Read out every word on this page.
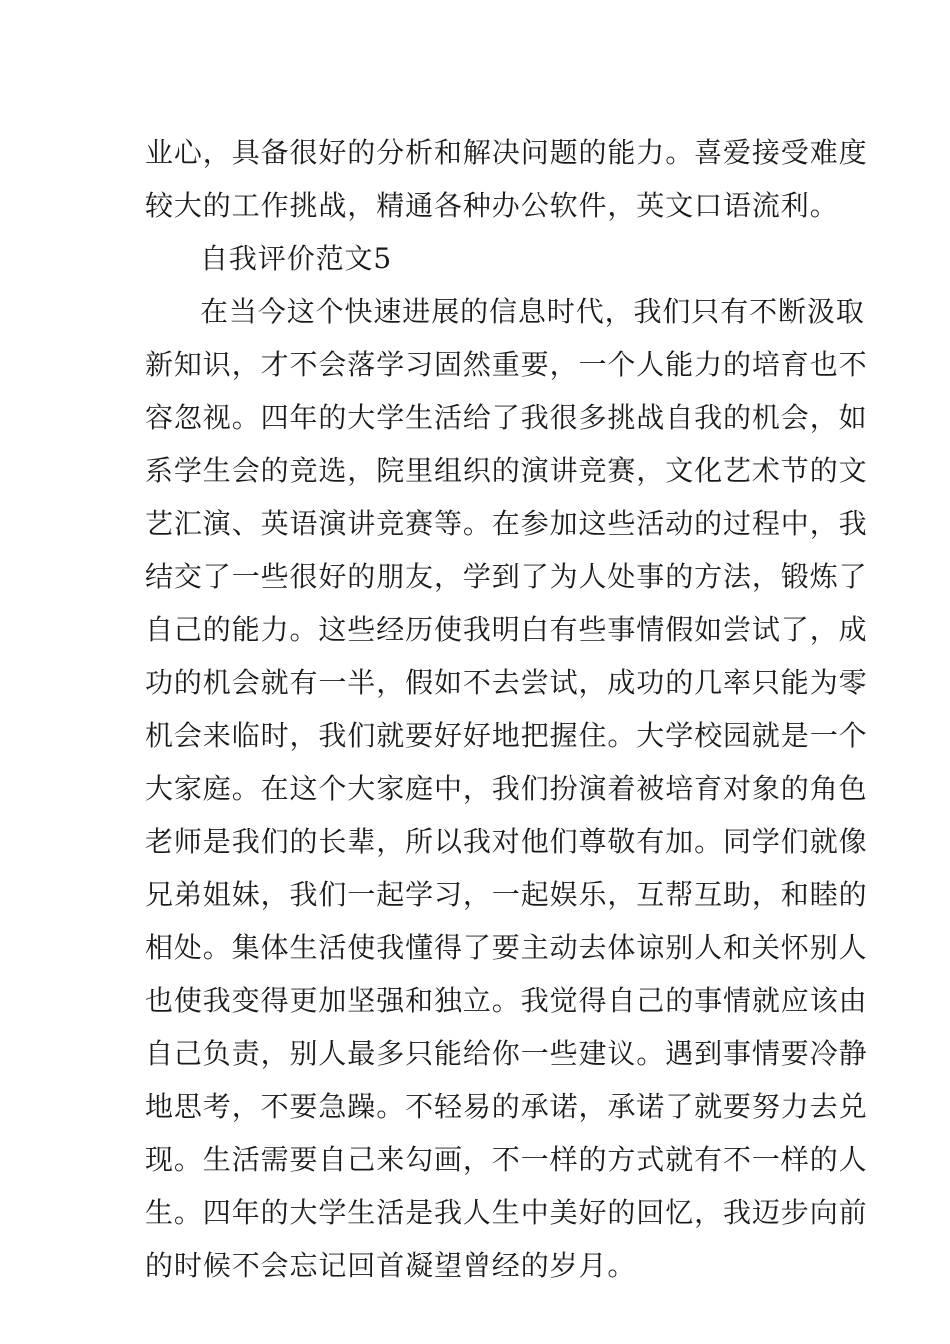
业心，具备很好的分析和解决问题的能力。喜爱接受难度
较大的工作挑战，精通各种办公软件，英文口语流利。
自我评价范文5
在当今这个快速进展的信息时代，我们只有不断汲取
新知识，才不会落学习固然重要，一个人能力的培育也不
容忽视。四年的大学生活给了我很多挑战自我的机会，如
系学生会的竞选，院里组织的演讲竞赛，文化艺术节的文
艺汇演、英语演讲竞赛等。在参加这些活动的过程中，我
结交了一些很好的朋友，学到了为人处事的方法，锻炼了
自己的能力。这些经历使我明白有些事情假如尝试了，成
功的机会就有一半，假如不去尝试，成功的几率只能为零
机会来临时，我们就要好好地把握住。大学校园就是一个
大家庭。在这个大家庭中，我们扮演着被培育对象的角色
老师是我们的长辈，所以我对他们尊敬有加。同学们就像
兄弟姐妹，我们一起学习，一起娱乐，互帮互助，和睦的
相处。集体生活使我懂得了要主动去体谅别人和关怀别人
也使我变得更加坚强和独立。我觉得自己的事情就应该由
自己负责，别人最多只能给你一些建议。遇到事情要冷静
地思考，不要急躁。不轻易的承诺，承诺了就要努力去兑
现。生活需要自己来勾画，不一样的方式就有不一样的人
生。四年的大学生活是我人生中美好的回忆，我迈步向前
的时候不会忘记回首凝望曾经的岁月。
